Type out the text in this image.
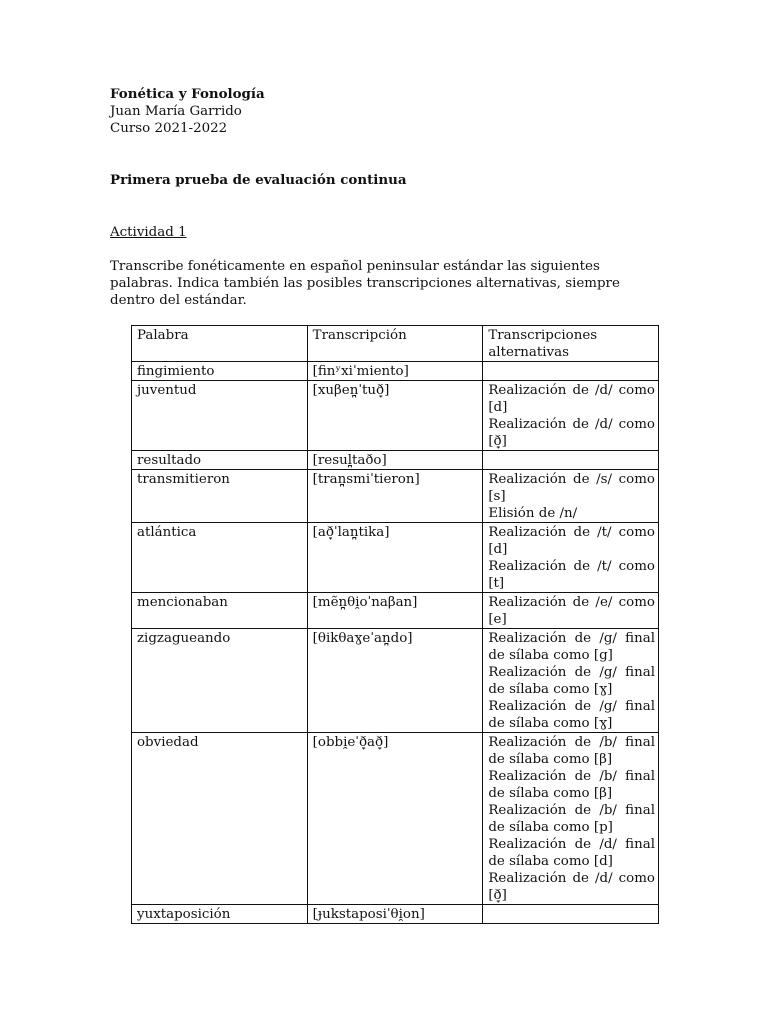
Fonética y Fonología

Juan María Garrido

Curso 2021-2022

Primera prueba de evaluación continua

Actividad 1

Transcribe fonéticamente en español peninsular estándar las siguientes palabras. Indica también las posibles transcripciones alternativas, siempre dentro del estándar.

Palabra	Transcripción	Transcripciones alternativas
fingimiento	[finʸxiˈmiento]	
juventud	[xuβen̪ˈtuð̞]	Realización de /d/ como [d]

Realización de /d/ como [ð̞]

resultado	[resul̪taðo]	
transmitieron	[tran̪smiˈtieron]	Realización de /s/ como [s]

Elisión de /n/

atlántica	[að̞ˈlan̪tika]	Realización de /t/ como [d]

Realización de /t/ como [t]

mencionaban	[mẽn̪θi̯oˈnaβan]	Realización de /e/ como [e]

zigzagueando	[θikθaɣeˈan̪do]	Realización de /g/ final de sílaba como [g]

Realización de /g/ final de sílaba como [ɣ]

Realización de /g/ final de sílaba como [ɣ]

obviedad	[obbi̯eˈð̞að̞]	Realización de /b/ final de sílaba como [β]

Realización de /b/ final de sílaba como [β]

Realización de /b/ final de sílaba como [p]

Realización de /d/ final de sílaba como [d]

Realización de /d/ como [ð̞]

yuxtaposición	[ɟukstaposiˈθi̯on]	
